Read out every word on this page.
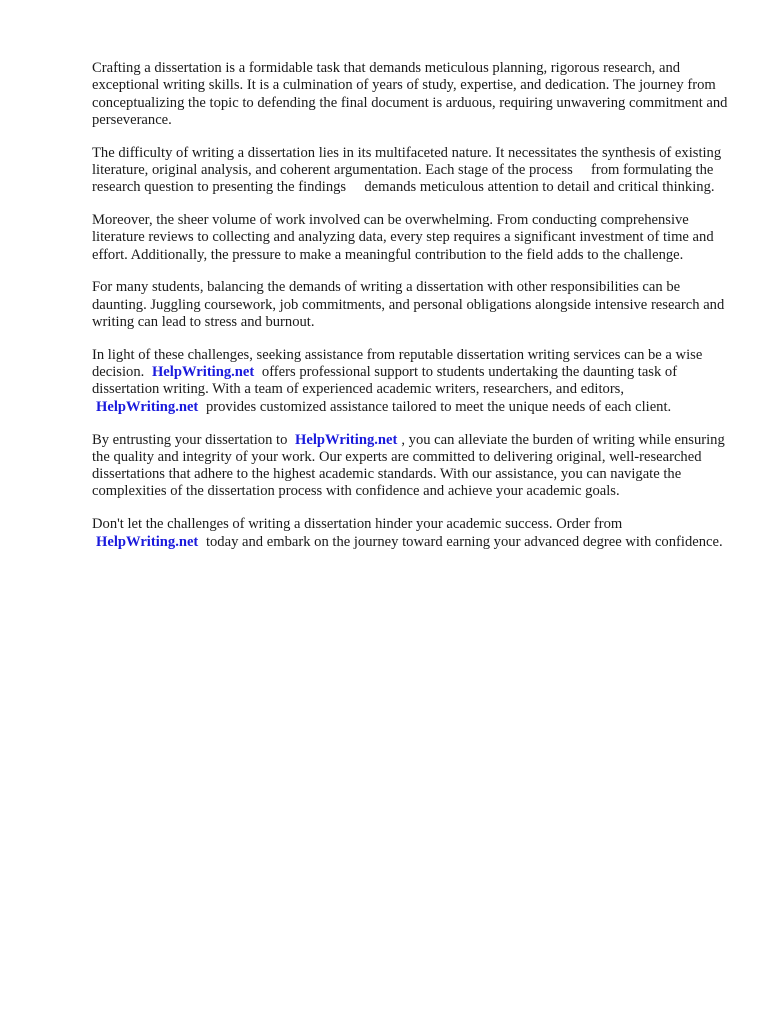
Crafting a dissertation is a formidable task that demands meticulous planning, rigorous research, and exceptional writing skills. It is a culmination of years of study, expertise, and dedication. The journey from conceptualizing the topic to defending the final document is arduous, requiring unwavering commitment and perseverance.

The difficulty of writing a dissertation lies in its multifaceted nature. It necessitates the synthesis of existing literature, original analysis, and coherent argumentation. Each stage of the process  from formulating the research question to presenting the findings  demands meticulous attention to detail and critical thinking.

Moreover, the sheer volume of work involved can be overwhelming. From conducting comprehensive literature reviews to collecting and analyzing data, every step requires a significant investment of time and effort. Additionally, the pressure to make a meaningful contribution to the field adds to the challenge.

For many students, balancing the demands of writing a dissertation with other responsibilities can be daunting. Juggling coursework, job commitments, and personal obligations alongside intensive research and writing can lead to stress and burnout.

In light of these challenges, seeking assistance from reputable dissertation writing services can be a wise decision. HelpWriting.net offers professional support to students undertaking the daunting task of dissertation writing. With a team of experienced academic writers, researchers, and editors, HelpWriting.net provides customized assistance tailored to meet the unique needs of each client.

By entrusting your dissertation to HelpWriting.net , you can alleviate the burden of writing while ensuring the quality and integrity of your work. Our experts are committed to delivering original, well-researched dissertations that adhere to the highest academic standards. With our assistance, you can navigate the complexities of the dissertation process with confidence and achieve your academic goals.

Don't let the challenges of writing a dissertation hinder your academic success. Order from HelpWriting.net today and embark on the journey toward earning your advanced degree with confidence.
